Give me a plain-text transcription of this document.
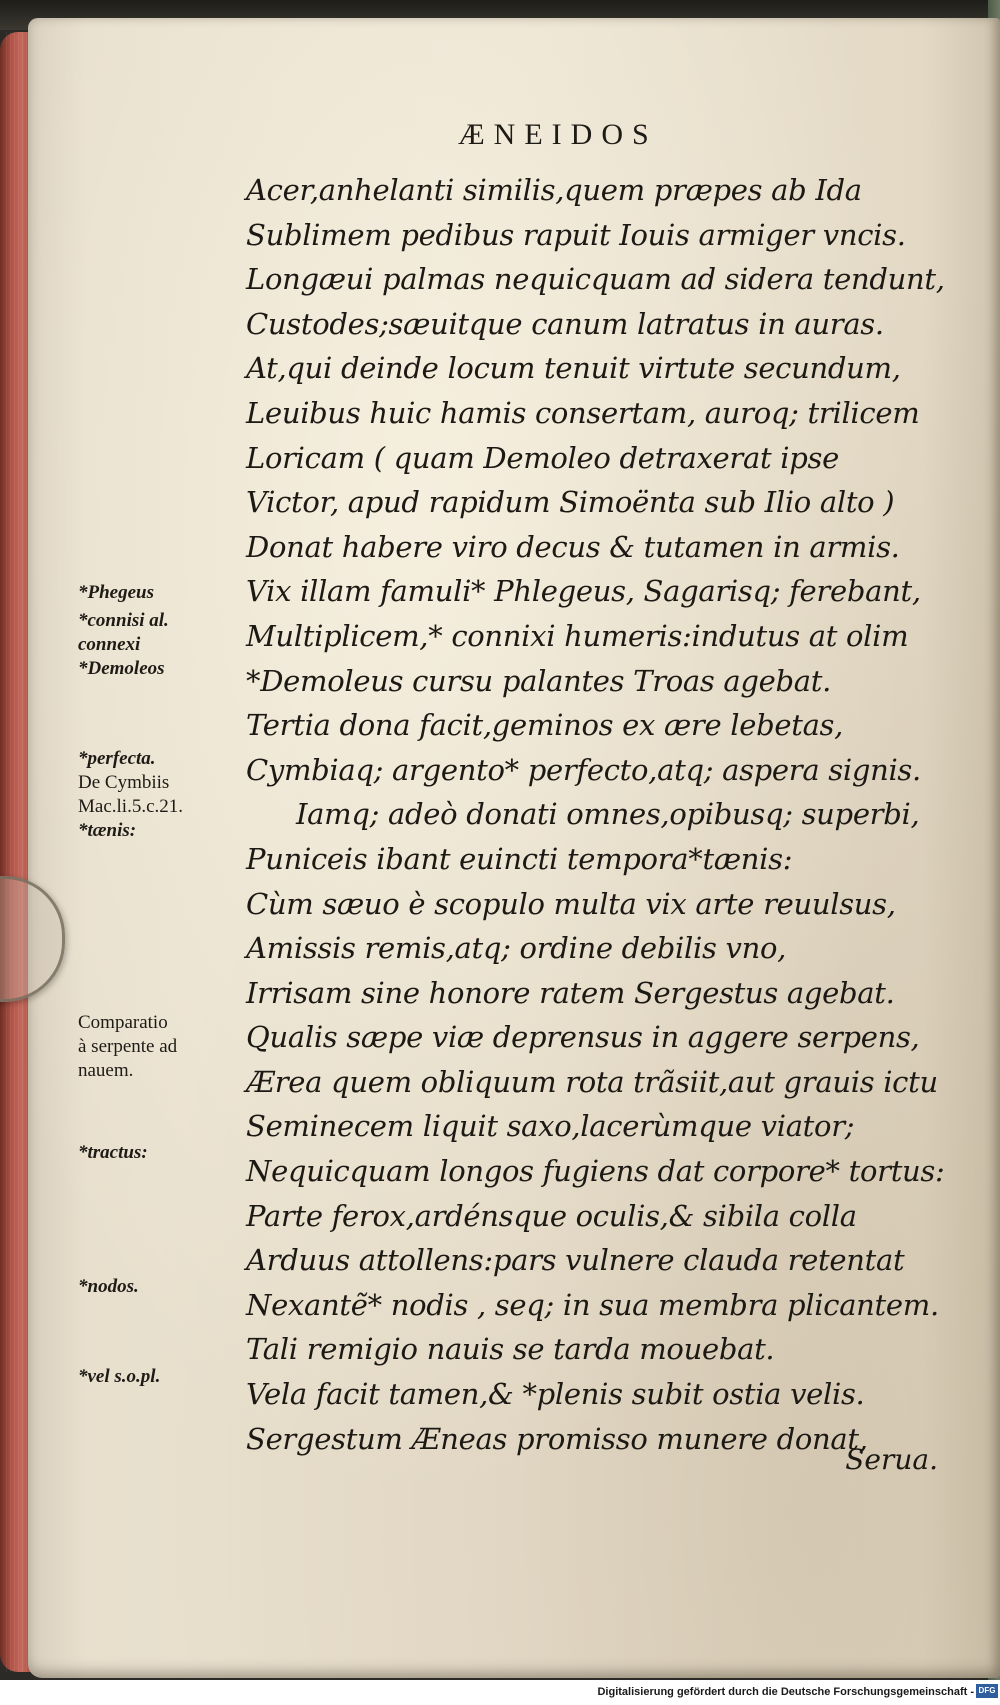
ÆNEIDOS
Acer,anhelanti similis,quem præpes ab Ida
Sublimem pedibus rapuit Iouis armiger vncis.
Longæui palmas nequicquam ad sidera tendunt,
Custodes;sæuitque canum latratus in auras.
At,qui deinde locum tenuit virtute secundum,
Leuibus huic hamis consertam, auroq; trilicem
Loricam ( quam Demoleo detraxerat ipse
Victor, apud rapidum Simoënta sub Ilio alto )
Donat habere viro decus & tutamen in armis.
Vix illam famuli* Phlegeus, Sagarisq; ferebant,
Multiplicem,* connixi humeris:indutus at olim
*Demoleus cursu palantes Troas agebat.
Tertia dona facit,geminos ex ære lebetas,
Cymbiaq; argento* perfecto,atq; aspera signis.
Iamq; adeò donati omnes,opibusq; superbi,
Puniceis ibant euincti tempora*tænis:
Cùm sæuo è scopulo multa vix arte reuulsus,
Amissis remis,atq; ordine debilis vno,
Irrisam sine honore ratem Sergestus agebat.
Qualis sæpe viæ deprensus in aggere serpens,
Ærea quem obliquum rota trãsiit,aut grauis ictu
Seminecem liquit saxo,lacerùmque viator;
Nequicquam longos fugiens dat corpore* tortus:
Parte ferox,ardénsque oculis,& sibila colla
Arduus attollens:pars vulnere clauda retentat
Nexantẽ* nodis , seq; in sua membra plicantem.
Tali remigio nauis se tarda mouebat.
Vela facit tamen,& *plenis subit ostia velis.
Sergestum Æneas promisso munere donat,
*Phegeus
*connisi al.
connexi
*Demoleos
*perfecta.
De Cymbiis
Mac.li.5.c.21.
*tænis:
Comparatio
à serpente ad
nauem.
*tractus:
*nodos.
*vel s.o.pl.
Serua.
Digitalisierung gefördert durch die Deutsche Forschungsgemeinschaft - DFG
